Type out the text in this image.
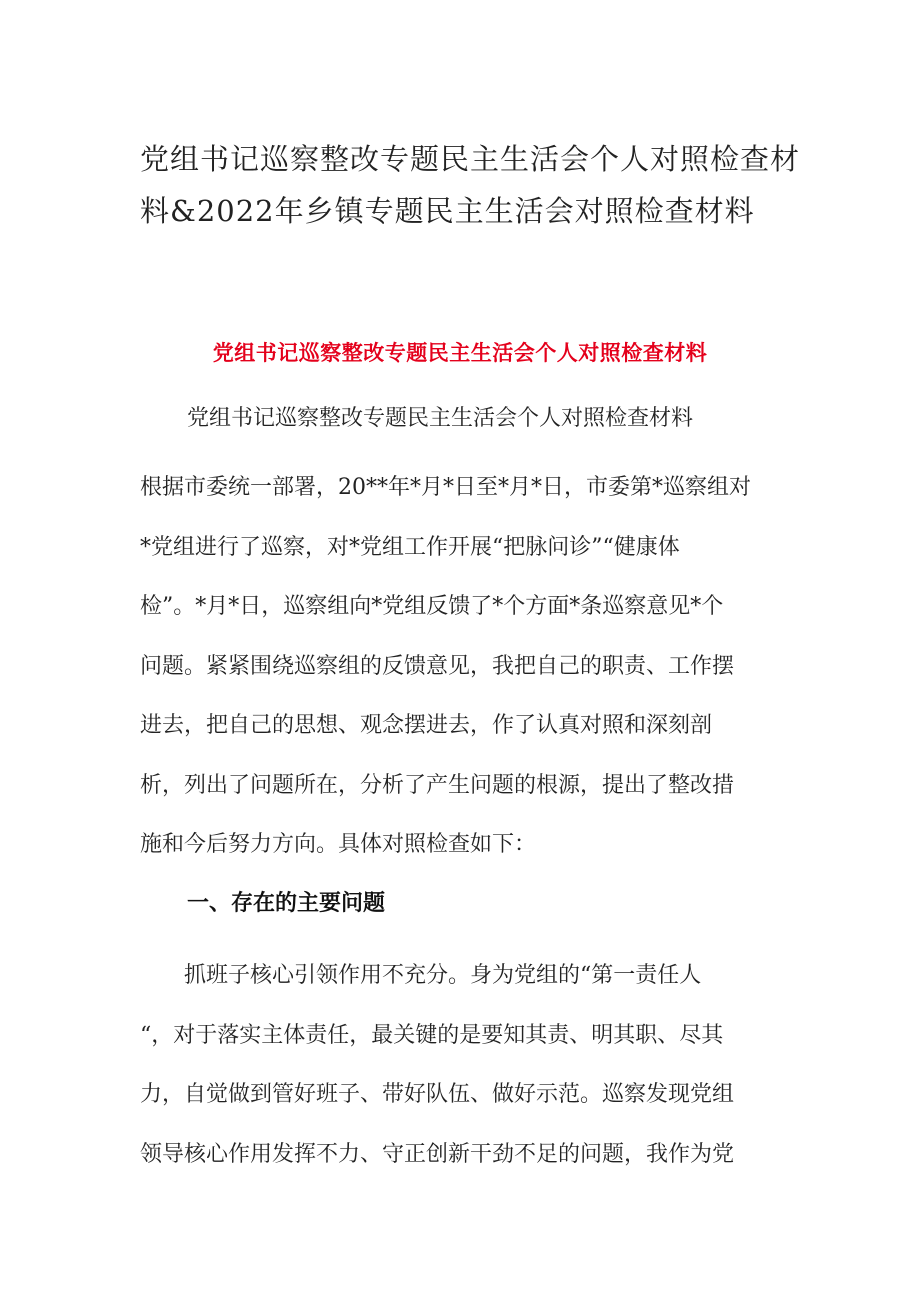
党组书记巡察整改专题民主生活会个人对照检查材
料&2022年乡镇专题民主生活会对照检查材料
党组书记巡察整改专题民主生活会个人对照检查材料

党组书记巡察整改专题民主生活会个人对照检查材料

根据市委统一部署，20**年*月*日至*月*日，市委第*巡察组对
*党组进行了巡察，对*党组工作开展“把脉问诊”“健康体
检”。*月*日，巡察组向*党组反馈了*个方面*条巡察意见*个
问题。紧紧围绕巡察组的反馈意见，我把自己的职责、工作摆
进去，把自己的思想、观念摆进去，作了认真对照和深刻剖
析，列出了问题所在，分析了产生问题的根源，提出了整改措
施和今后努力方向。具体对照检查如下：

一、存在的主要问题

抓班子核心引领作用不充分。身为党组的“第一责任人
“，对于落实主体责任，最关键的是要知其责、明其职、尽其
力，自觉做到管好班子、带好队伍、做好示范。巡察发现党组
领导核心作用发挥不力、守正创新干劲不足的问题，我作为党
